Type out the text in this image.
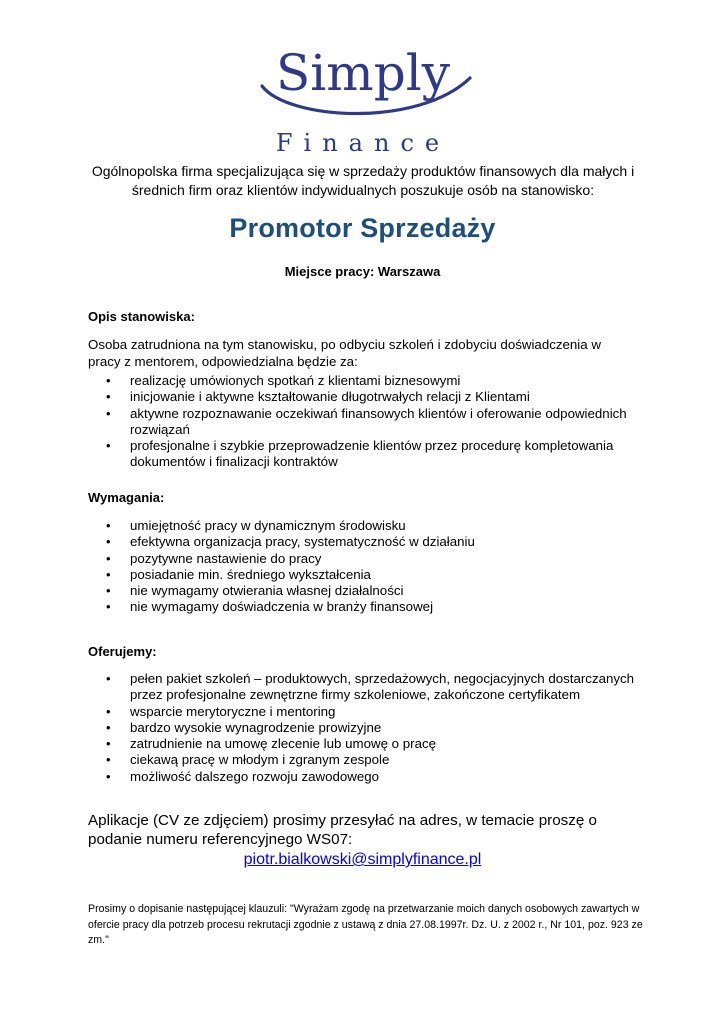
Simply
Finance
Ogólnopolska firma specjalizująca się w sprzedaży produktów finansowych dla małych i średnich firm oraz klientów indywidualnych poszukuje osób na stanowisko:
Promotor Sprzedaży
Miejsce pracy: Warszawa
Opis stanowiska:
Osoba zatrudniona na tym stanowisku, po odbyciu szkoleń i zdobyciu doświadczenia w pracy z mentorem, odpowiedzialna będzie za:
• realizację umówionych spotkań z klientami biznesowymi
• inicjowanie i aktywne kształtowanie długotrwałych relacji z Klientami
• aktywne rozpoznawanie oczekiwań finansowych klientów i oferowanie odpowiednich rozwiązań
• profesjonalne i szybkie przeprowadzenie klientów przez procedurę kompletowania dokumentów i finalizacji kontraktów
Wymagania:
• umiejętność pracy w dynamicznym środowisku
• efektywna organizacja pracy, systematyczność w działaniu
• pozytywne nastawienie do pracy
• posiadanie min. średniego wykształcenia
• nie wymagamy otwierania własnej działalności
• nie wymagamy doświadczenia w branży finansowej
Oferujemy:
• pełen pakiet szkoleń – produktowych, sprzedażowych, negocjacyjnych dostarczanych przez profesjonalne zewnętrzne firmy szkoleniowe, zakończone certyfikatem
• wsparcie merytoryczne i mentoring
• bardzo wysokie wynagrodzenie prowizyjne
• zatrudnienie na umowę zlecenie lub umowę o pracę
• ciekawą pracę w młodym i zgranym zespole
• możliwość dalszego rozwoju zawodowego
Aplikacje (CV ze zdjęciem) prosimy przesyłać na adres, w temacie proszę o podanie numeru referencyjnego WS07:
piotr.bialkowski@simplyfinance.pl
Prosimy o dopisanie następującej klauzuli: "Wyrażam zgodę na przetwarzanie moich danych osobowych zawartych w ofercie pracy dla potrzeb procesu rekrutacji zgodnie z ustawą z dnia 27.08.1997r. Dz. U. z 2002 r., Nr 101, poz. 923 ze zm."
